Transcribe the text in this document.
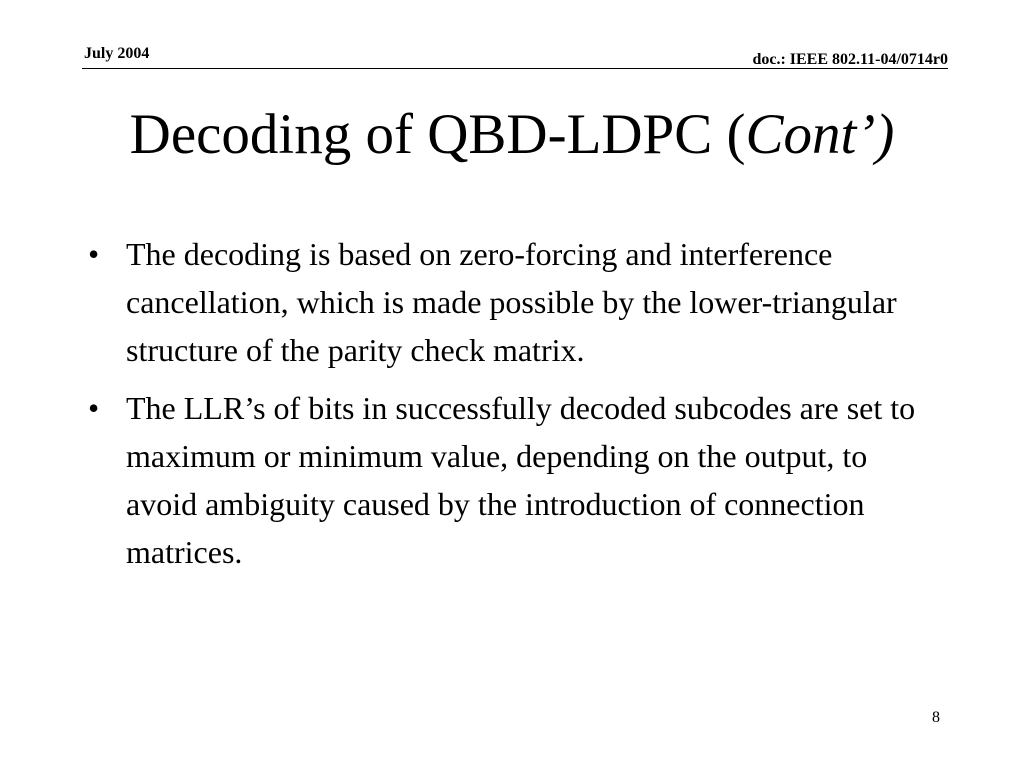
July 2004	doc.: IEEE 802.11-04/0714r0
Decoding of QBD-LDPC (Cont’)
• The decoding is based on zero-forcing and interference cancellation, which is made possible by the lower-triangular structure of the parity check matrix.
• The LLR’s of bits in successfully decoded subcodes are set to maximum or minimum value, depending on the output, to avoid ambiguity caused by the introduction of connection matrices.
8
